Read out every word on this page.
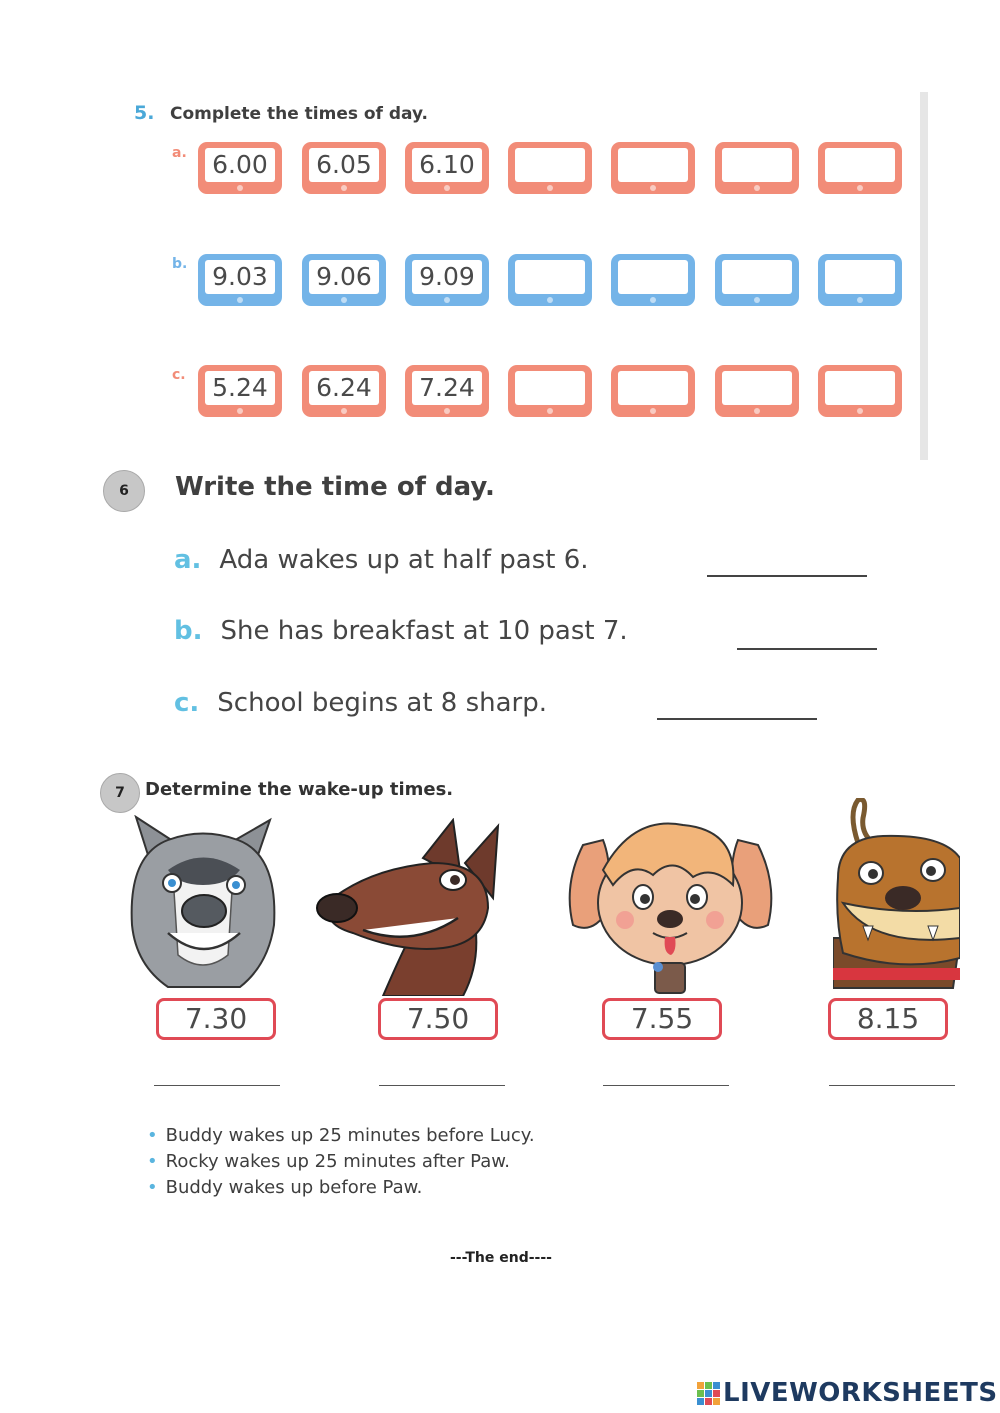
5. Complete the times of day.
a. 6.00 6.05 6.10
b. 9.03 9.06 9.09
c. 5.24 6.24 7.24
6	Write the time of day.
a. Ada wakes up at half past 6.
b. She has breakfast at 10 past 7.
c. School begins at 8 sharp.
7	Determine the wake-up times.
7.30	7.50	7.55	8.15
• Buddy wakes up 25 minutes before Lucy.
• Rocky wakes up 25 minutes after Paw.
• Buddy wakes up before Paw.
---The end----
LIVEWORKSHEETS
